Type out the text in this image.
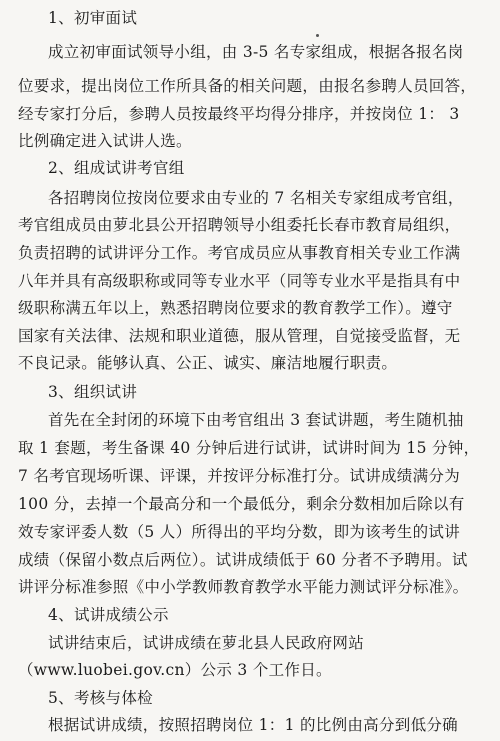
1、初审面试
成立初审面试领导小组，由 3-5 名专家组成，根据各报名岗
位要求，提出岗位工作所具备的相关问题，由报名参聘人员回答，
经专家打分后，参聘人员按最终平均得分排序，并按岗位 1： 3
比例确定进入试讲人选。
2、组成试讲考官组
各招聘岗位按岗位要求由专业的 7 名相关专家组成考官组，
考官组成员由萝北县公开招聘领导小组委托长春市教育局组织，
负责招聘的试讲评分工作。考官成员应从事教育相关专业工作满
八年并具有高级职称或同等专业水平（同等专业水平是指具有中
级职称满五年以上，熟悉招聘岗位要求的教育教学工作）。遵守
国家有关法律、法规和职业道德，服从管理，自觉接受监督，无
不良记录。能够认真、公正、诚实、廉洁地履行职责。
3、组织试讲
首先在全封闭的环境下由考官组出 3 套试讲题，考生随机抽
取 1 套题，考生备课 40 分钟后进行试讲，试讲时间为 15 分钟，
7 名考官现场听课、评课，并按评分标准打分。试讲成绩满分为
100 分，去掉一个最高分和一个最低分，剩余分数相加后除以有
效专家评委人数（5 人）所得出的平均分数，即为该考生的试讲
成绩（保留小数点后两位）。试讲成绩低于 60 分者不予聘用。试
讲评分标准参照《中小学教师教育教学水平能力测试评分标准》。
4、试讲成绩公示
试讲结束后，试讲成绩在萝北县人民政府网站
（www.luobei.gov.cn）公示 3 个工作日。
5、考核与体检
根据试讲成绩，按照招聘岗位 1：1 的比例由高分到低分确
